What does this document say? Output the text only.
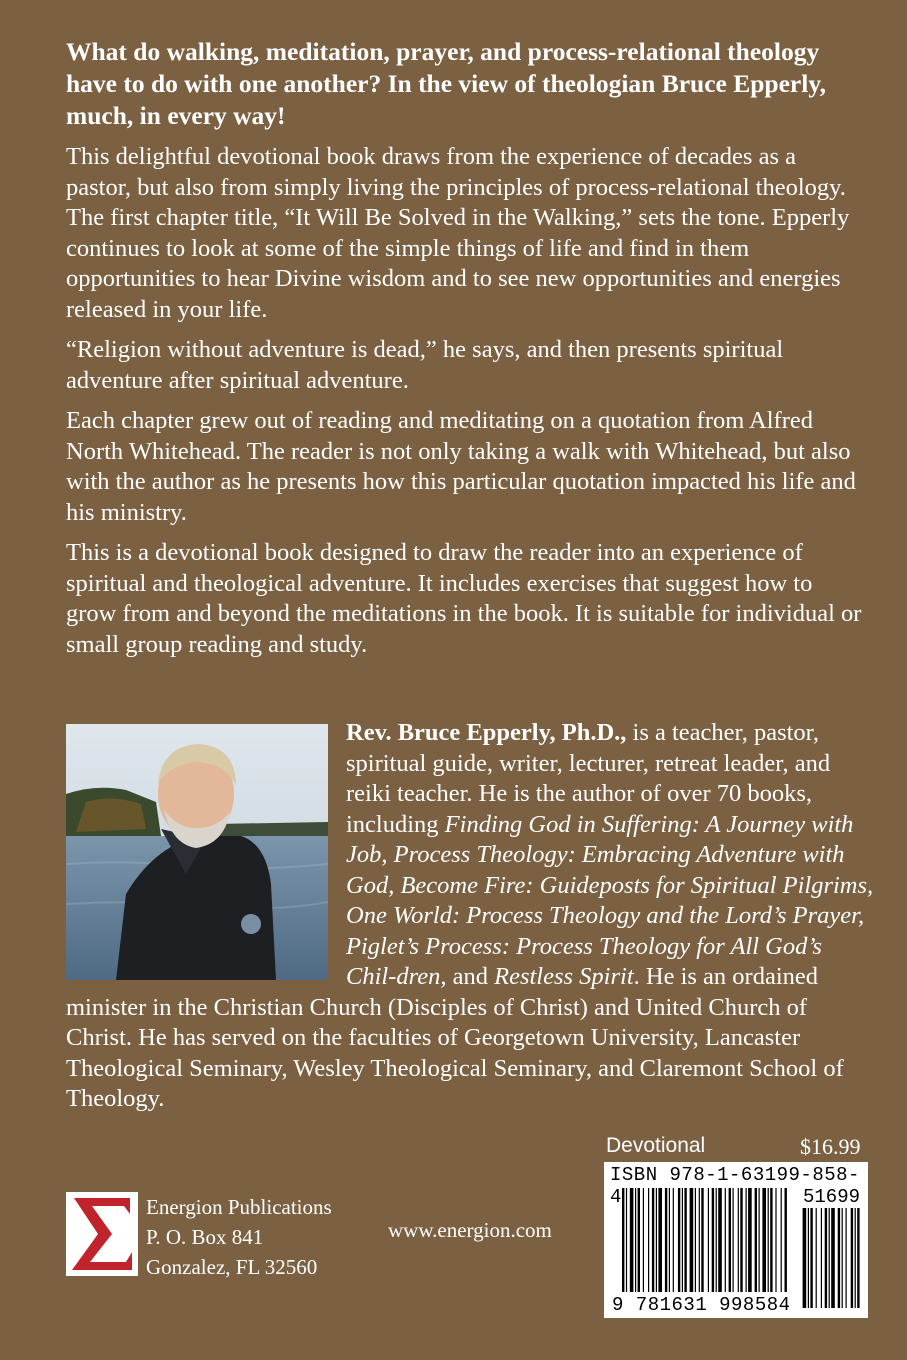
What do walking, meditation, prayer, and process-relational theology have to do with one another? In the view of theologian Bruce Epperly, much, in every way!

This delightful devotional book draws from the experience of decades as a pastor, but also from simply living the principles of process-relational theology. The first chapter title, “It Will Be Solved in the Walking,” sets the tone. Epperly continues to look at some of the simple things of life and find in them opportunities to hear Divine wisdom and to see new opportunities and energies released in your life.

“Religion without adventure is dead,” he says, and then presents spiritual adventure after spiritual adventure.

Each chapter grew out of reading and meditating on a quotation from Alfred North Whitehead. The reader is not only taking a walk with Whitehead, but also with the author as he presents how this particular quotation impacted his life and his ministry.

This is a devotional book designed to draw the reader into an experience of spiritual and theological adventure. It includes exercises that suggest how to grow from and beyond the meditations in the book. It is suitable for individual or small group reading and study.

Rev. Bruce Epperly, Ph.D., is a teacher, pastor, spiritual guide, writer, lecturer, retreat leader, and reiki teacher. He is the author of over 70 books, including Finding God in Suffering: A Journey with Job, Process Theology: Embracing Adventure with God, Become Fire: Guideposts for Spiritual Pilgrims, One World: Process Theology and the Lord’s Prayer, Piglet’s Process: Process Theology for All God’s Chil-dren, and Restless Spirit. He is an ordained minister in the Christian Church (Disciples of Christ) and United Church of Christ. He has served on the faculties of Georgetown University, Lancaster Theological Seminary, Wesley Theological Seminary, and Claremont School of Theology.

Energion Publications
P. O. Box 841
Gonzalez, FL 32560
www.energion.com
Devotional	$16.99
ISBN 978-1-63199-858-4	51699
9 781631 998584
